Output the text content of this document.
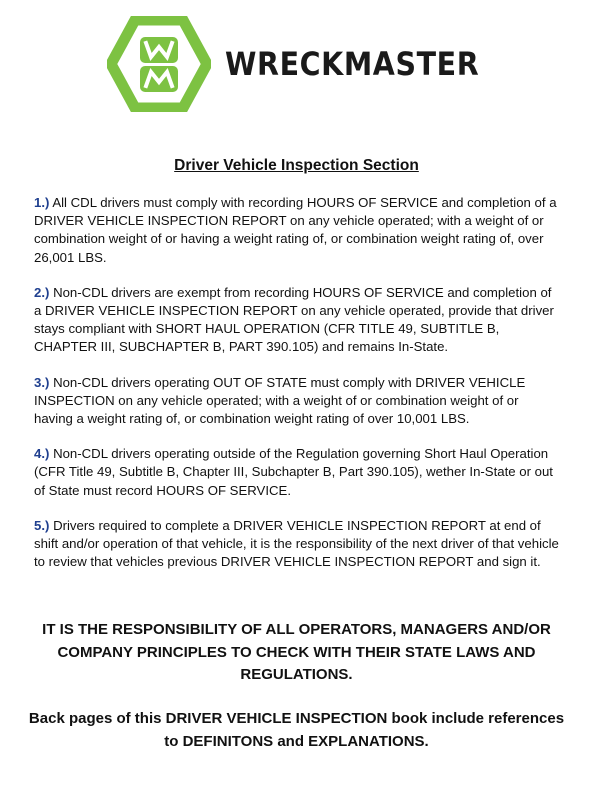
WRECKMASTER
Driver Vehicle Inspection Section

1.) All CDL drivers must comply with recording HOURS OF SERVICE and completion of a DRIVER VEHICLE INSPECTION REPORT on any vehicle operated; with a weight of or combination weight of or having a weight rating of, or combination weight rating of, over 26,001 LBS.

2.) Non-CDL drivers are exempt from recording HOURS OF SERVICE and completion of a DRIVER VEHICLE INSPECTION REPORT on any vehicle operated, provide that driver stays compliant with SHORT HAUL OPERATION (CFR TITLE 49, SUBTITLE B, CHAPTER III, SUBCHAPTER B, PART 390.105) and remains In-State.

3.) Non-CDL drivers operating OUT OF STATE must comply with DRIVER VEHICLE INSPECTION on any vehicle operated; with a weight of or combination weight of or having a weight rating of, or combination weight rating of over 10,001 LBS.

4.) Non-CDL drivers operating outside of the Regulation governing Short Haul Operation (CFR Title 49, Subtitle B, Chapter III, Subchapter B, Part 390.105), wether In-State or out of State must record HOURS OF SERVICE.

5.) Drivers required to complete a DRIVER VEHICLE INSPECTION REPORT at end of shift and/or operation of that vehicle, it is the responsibility of the next driver of that vehicle to review that vehicles previous DRIVER VEHICLE INSPECTION REPORT and sign it.

IT IS THE RESPONSIBILITY OF ALL OPERATORS, MANAGERS AND/OR COMPANY PRINCIPLES TO CHECK WITH THEIR STATE LAWS AND REGULATIONS.
Back pages of this DRIVER VEHICLE INSPECTION book include references to DEFINITONS and EXPLANATIONS.
